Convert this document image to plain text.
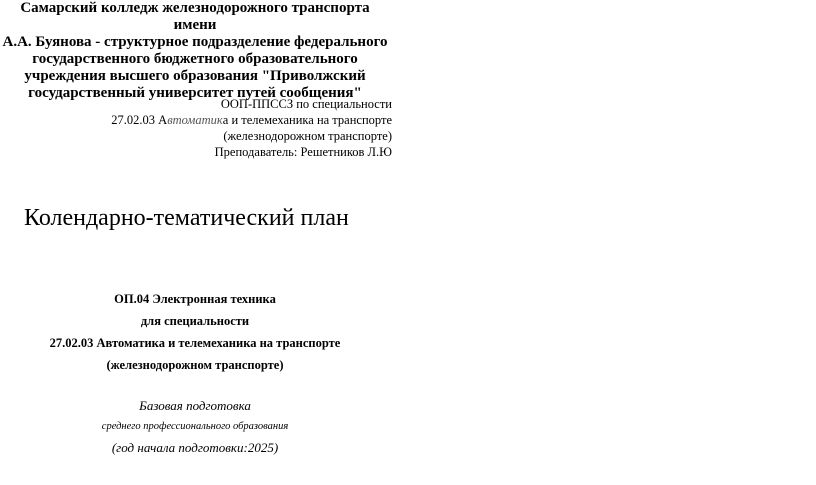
Самарский колледж железнодорожного транспорта имени
А.А. Буянова - структурное подразделение федерального
государственного бюджетного образовательного
учреждения высшего образования "Приволжский
государственный университет путей сообщения"
ООП-ППССЗ по специальности
27.02.03 Автоматика и телемеханика на транспорте
(железнодорожном транспорте)
Преподаватель: Решетников Л.Ю
Колендарно-тематический план
ОП.04 Электронная техника
для специальности
27.02.03 Автоматика и телемеханика на транспорте
(железнодорожном транспорте)
Базовая подготовка
среднего профессионального образования
(год начала подготовки:2025)
